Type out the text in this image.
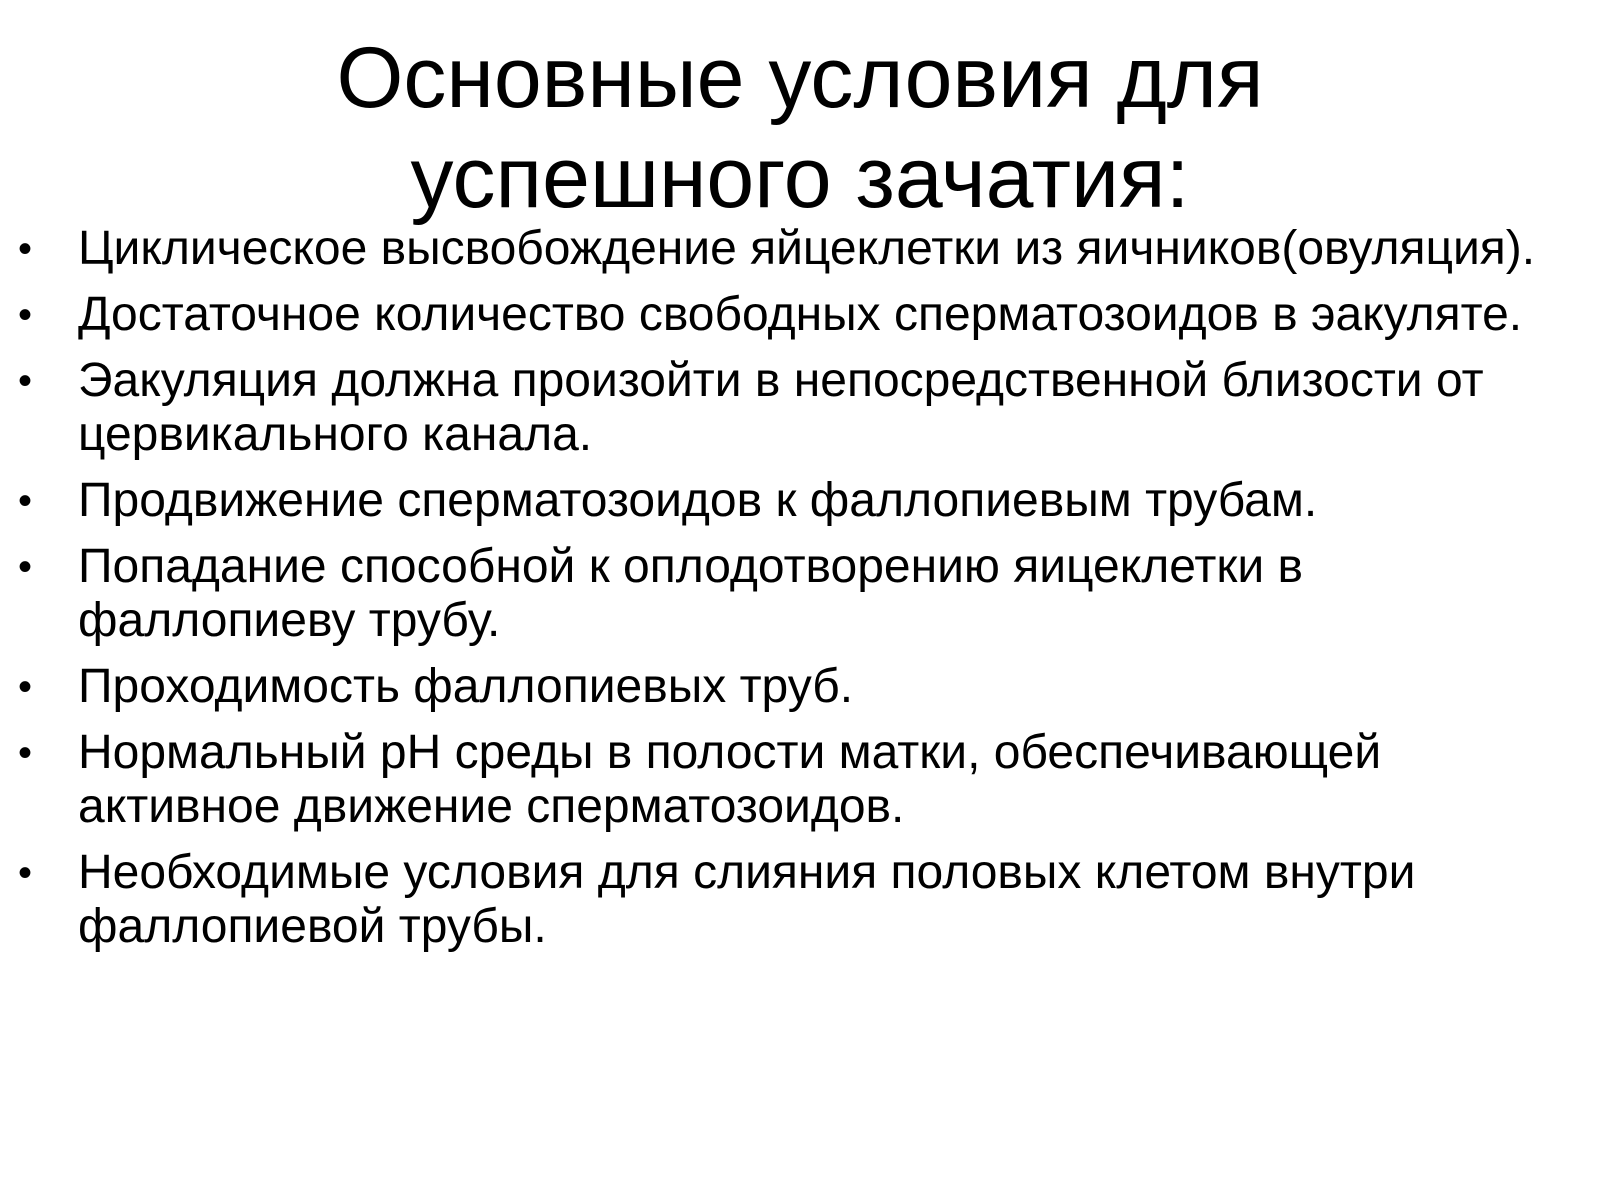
Основные условия для
успешного зачатия:
• Циклическое высвобождение яйцеклетки из яичников(овуляция).
• Достаточное количество свободных сперматозоидов в эакуляте.
• Эакуляция должна произойти в непосредственной близости от цервикального канала.
• Продвижение сперматозоидов к фаллопиевым трубам.
• Попадание способной к оплодотворению яицеклетки в фаллопиеву трубу.
• Проходимость фаллопиевых труб.
• Нормальный pH среды в полости матки, обеспечивающей активное движение сперматозоидов.
• Необходимые условия для слияния половых клетом внутри фаллопиевой трубы.
